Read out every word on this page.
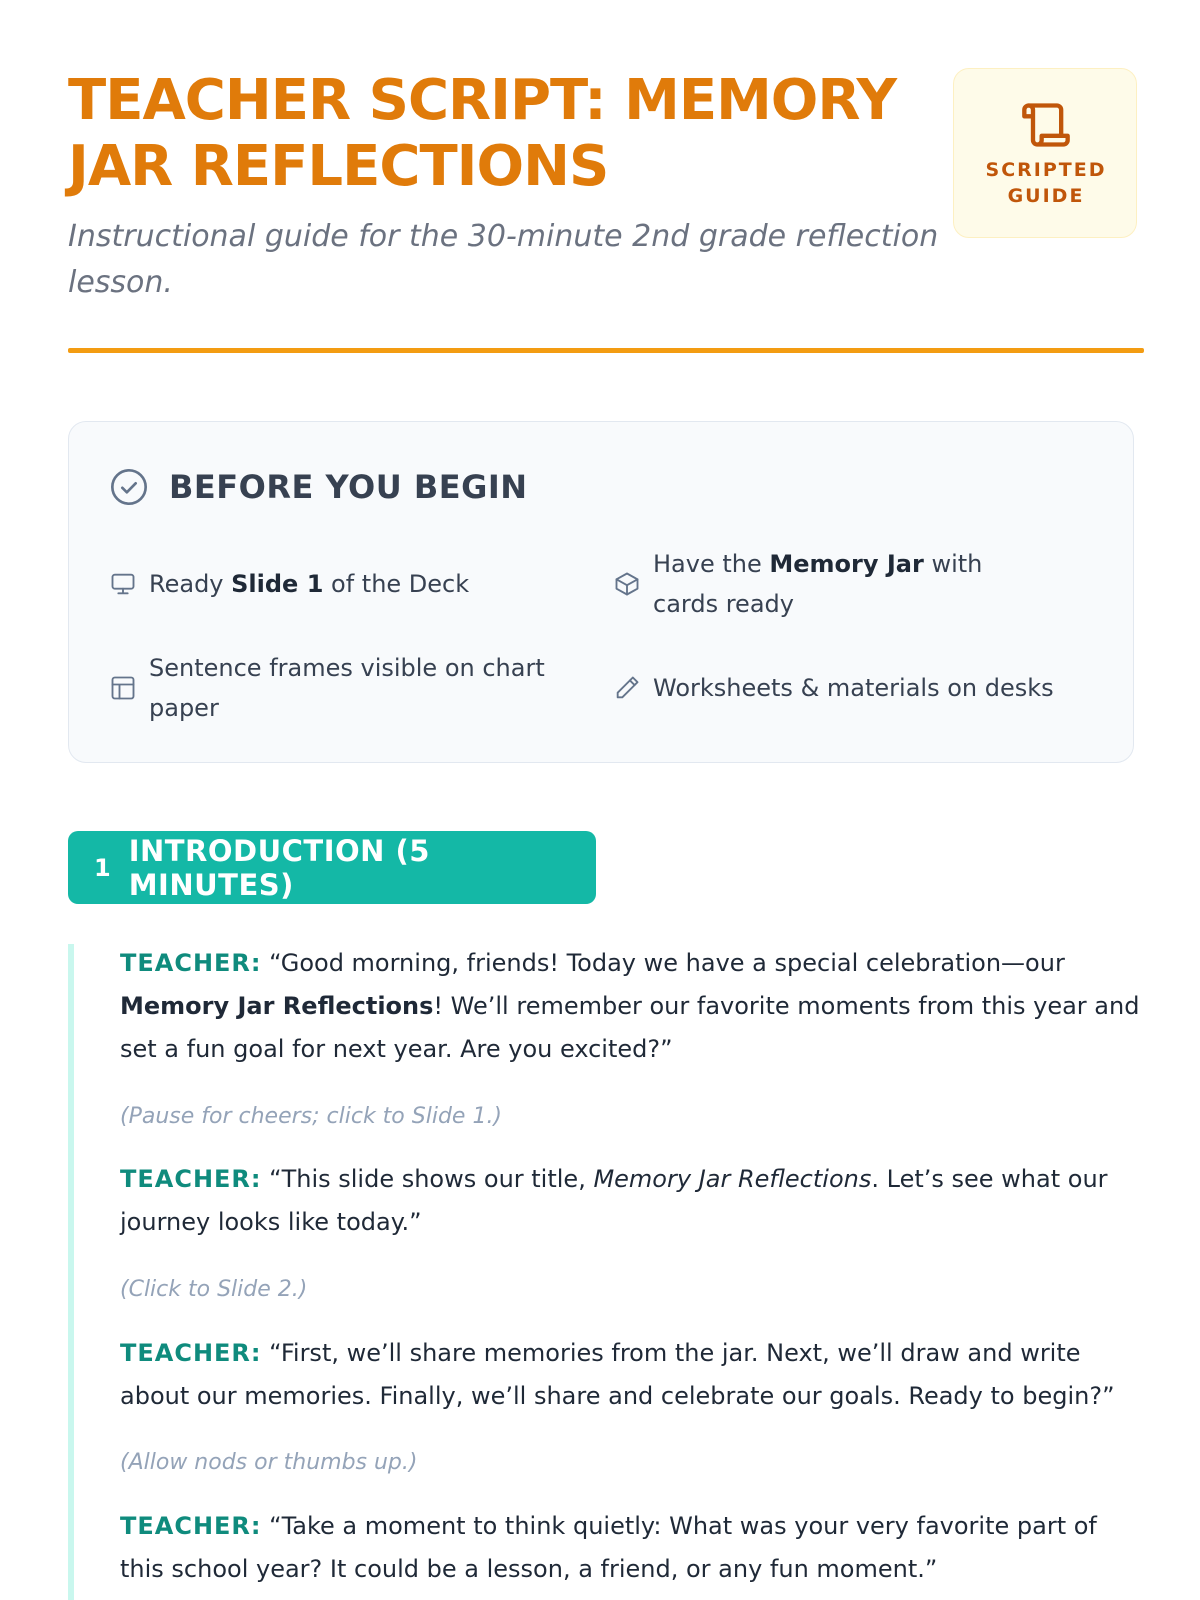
TEACHER SCRIPT: MEMORY JAR REFLECTIONS
Instructional guide for the 30-minute 2nd grade reflection lesson.
SCRIPTED
GUIDE
BEFORE YOU BEGIN
Ready Slide 1 of the Deck
Have the Memory Jar with cards ready
Sentence frames visible on chart paper
Worksheets & materials on desks
1 INTRODUCTION (5 MINUTES)

TEACHER: “Good morning, friends! Today we have a special celebration—our Memory Jar Reflections! We’ll remember our favorite moments from this year and set a fun goal for next year. Are you excited?”

(Pause for cheers; click to Slide 1.)

TEACHER: “This slide shows our title, Memory Jar Reflections. Let’s see what our journey looks like today.”

(Click to Slide 2.)

TEACHER: “First, we’ll share memories from the jar. Next, we’ll draw and write about our memories. Finally, we’ll share and celebrate our goals. Ready to begin?”

(Allow nods or thumbs up.)

TEACHER: “Take a moment to think quietly: What was your very favorite part of this school year? It could be a lesson, a friend, or any fun moment.”
